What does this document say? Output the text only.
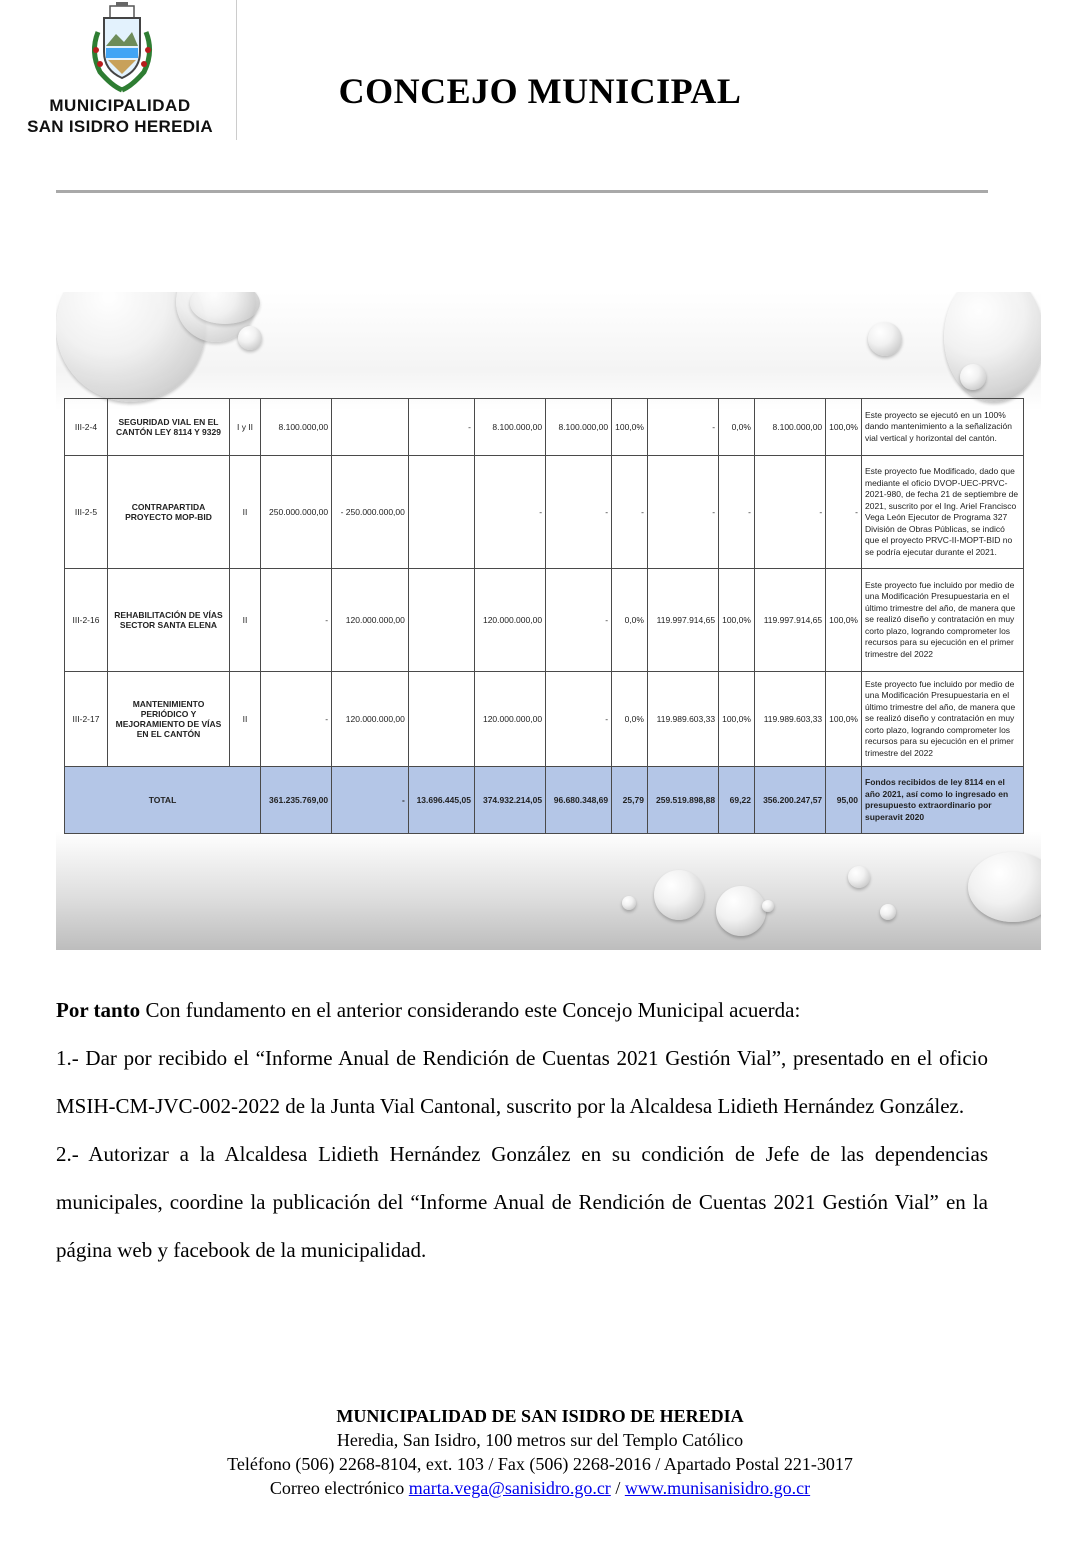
MUNICIPALIDAD
SAN ISIDRO HEREDIA
CONCEJO MUNICIPAL
III-2-4	SEGURIDAD VIAL EN EL CANTÓN LEY 8114 Y 9329	I y II	8.100.000,00		-	8.100.000,00	8.100.000,00	100,0%	-	0,0%	8.100.000,00	100,0%	Este proyecto se ejecutó en un 100% dando mantenimiento a la señalización vial vertical y horizontal del cantón.
III-2-5	CONTRAPARTIDA PROYECTO MOP-BID	II	250.000.000,00	- 250.000.000,00		-	-	-	-	-	-	-	Este proyecto fue Modificado, dado que mediante el oficio DVOP-UEC-PRVC-2021-980, de fecha 21 de septiembre de 2021, suscrito por el Ing. Ariel Francisco Vega León Ejecutor de Programa 327 División de Obras Públicas, se indicó que el proyecto PRVC-II-MOPT-BID no se podría ejecutar durante el 2021.
III-2-16	REHABILITACIÓN DE VÍAS SECTOR SANTA ELENA	II	-	120.000.000,00		120.000.000,00	-	0,0%	119.997.914,65	100,0%	119.997.914,65	100,0%	Este proyecto fue incluido por medio de una Modificación Presupuestaria en el último trimestre del año, de manera que se realizó diseño y contratación en muy corto plazo, logrando comprometer los recursos para su ejecución en el primer trimestre del 2022
III-2-17	MANTENIMIENTO PERIÓDICO Y MEJORAMIENTO DE VÍAS EN EL CANTÓN	II	-	120.000.000,00		120.000.000,00	-	0,0%	119.989.603,33	100,0%	119.989.603,33	100,0%	Este proyecto fue incluido por medio de una Modificación Presupuestaria en el último trimestre del año, de manera que se realizó diseño y contratación en muy corto plazo, logrando comprometer los recursos para su ejecución en el primer trimestre del 2022
TOTAL			361.235.769,00	-	13.696.445,05	374.932.214,05	96.680.348,69	25,79	259.519.898,88	69,22	356.200.247,57	95,00	Fondos recibidos de ley 8114 en el año 2021, así como lo ingresado en presupuesto extraordinario por superavit 2020

Por tanto Con fundamento en el anterior considerando este Concejo Municipal acuerda:

1.- Dar por recibido el “Informe Anual de Rendición de Cuentas 2021 Gestión Vial”, presentado en el oficio MSIH-CM-JVC-002-2022 de la Junta Vial Cantonal, suscrito por la Alcaldesa Lidieth Hernández González.

2.- Autorizar a la Alcaldesa Lidieth Hernández González en su condición de Jefe de las dependencias municipales, coordine la publicación del “Informe Anual de Rendición de Cuentas 2021 Gestión Vial” en la página web y facebook de la municipalidad.

MUNICIPALIDAD DE SAN ISIDRO DE HEREDIA
Heredia, San Isidro, 100 metros sur del Templo Católico
Teléfono (506) 2268-8104, ext. 103 / Fax (506) 2268-2016 / Apartado Postal 221-3017
Correo electrónico marta.vega@sanisidro.go.cr / www.munisanisidro.go.cr
